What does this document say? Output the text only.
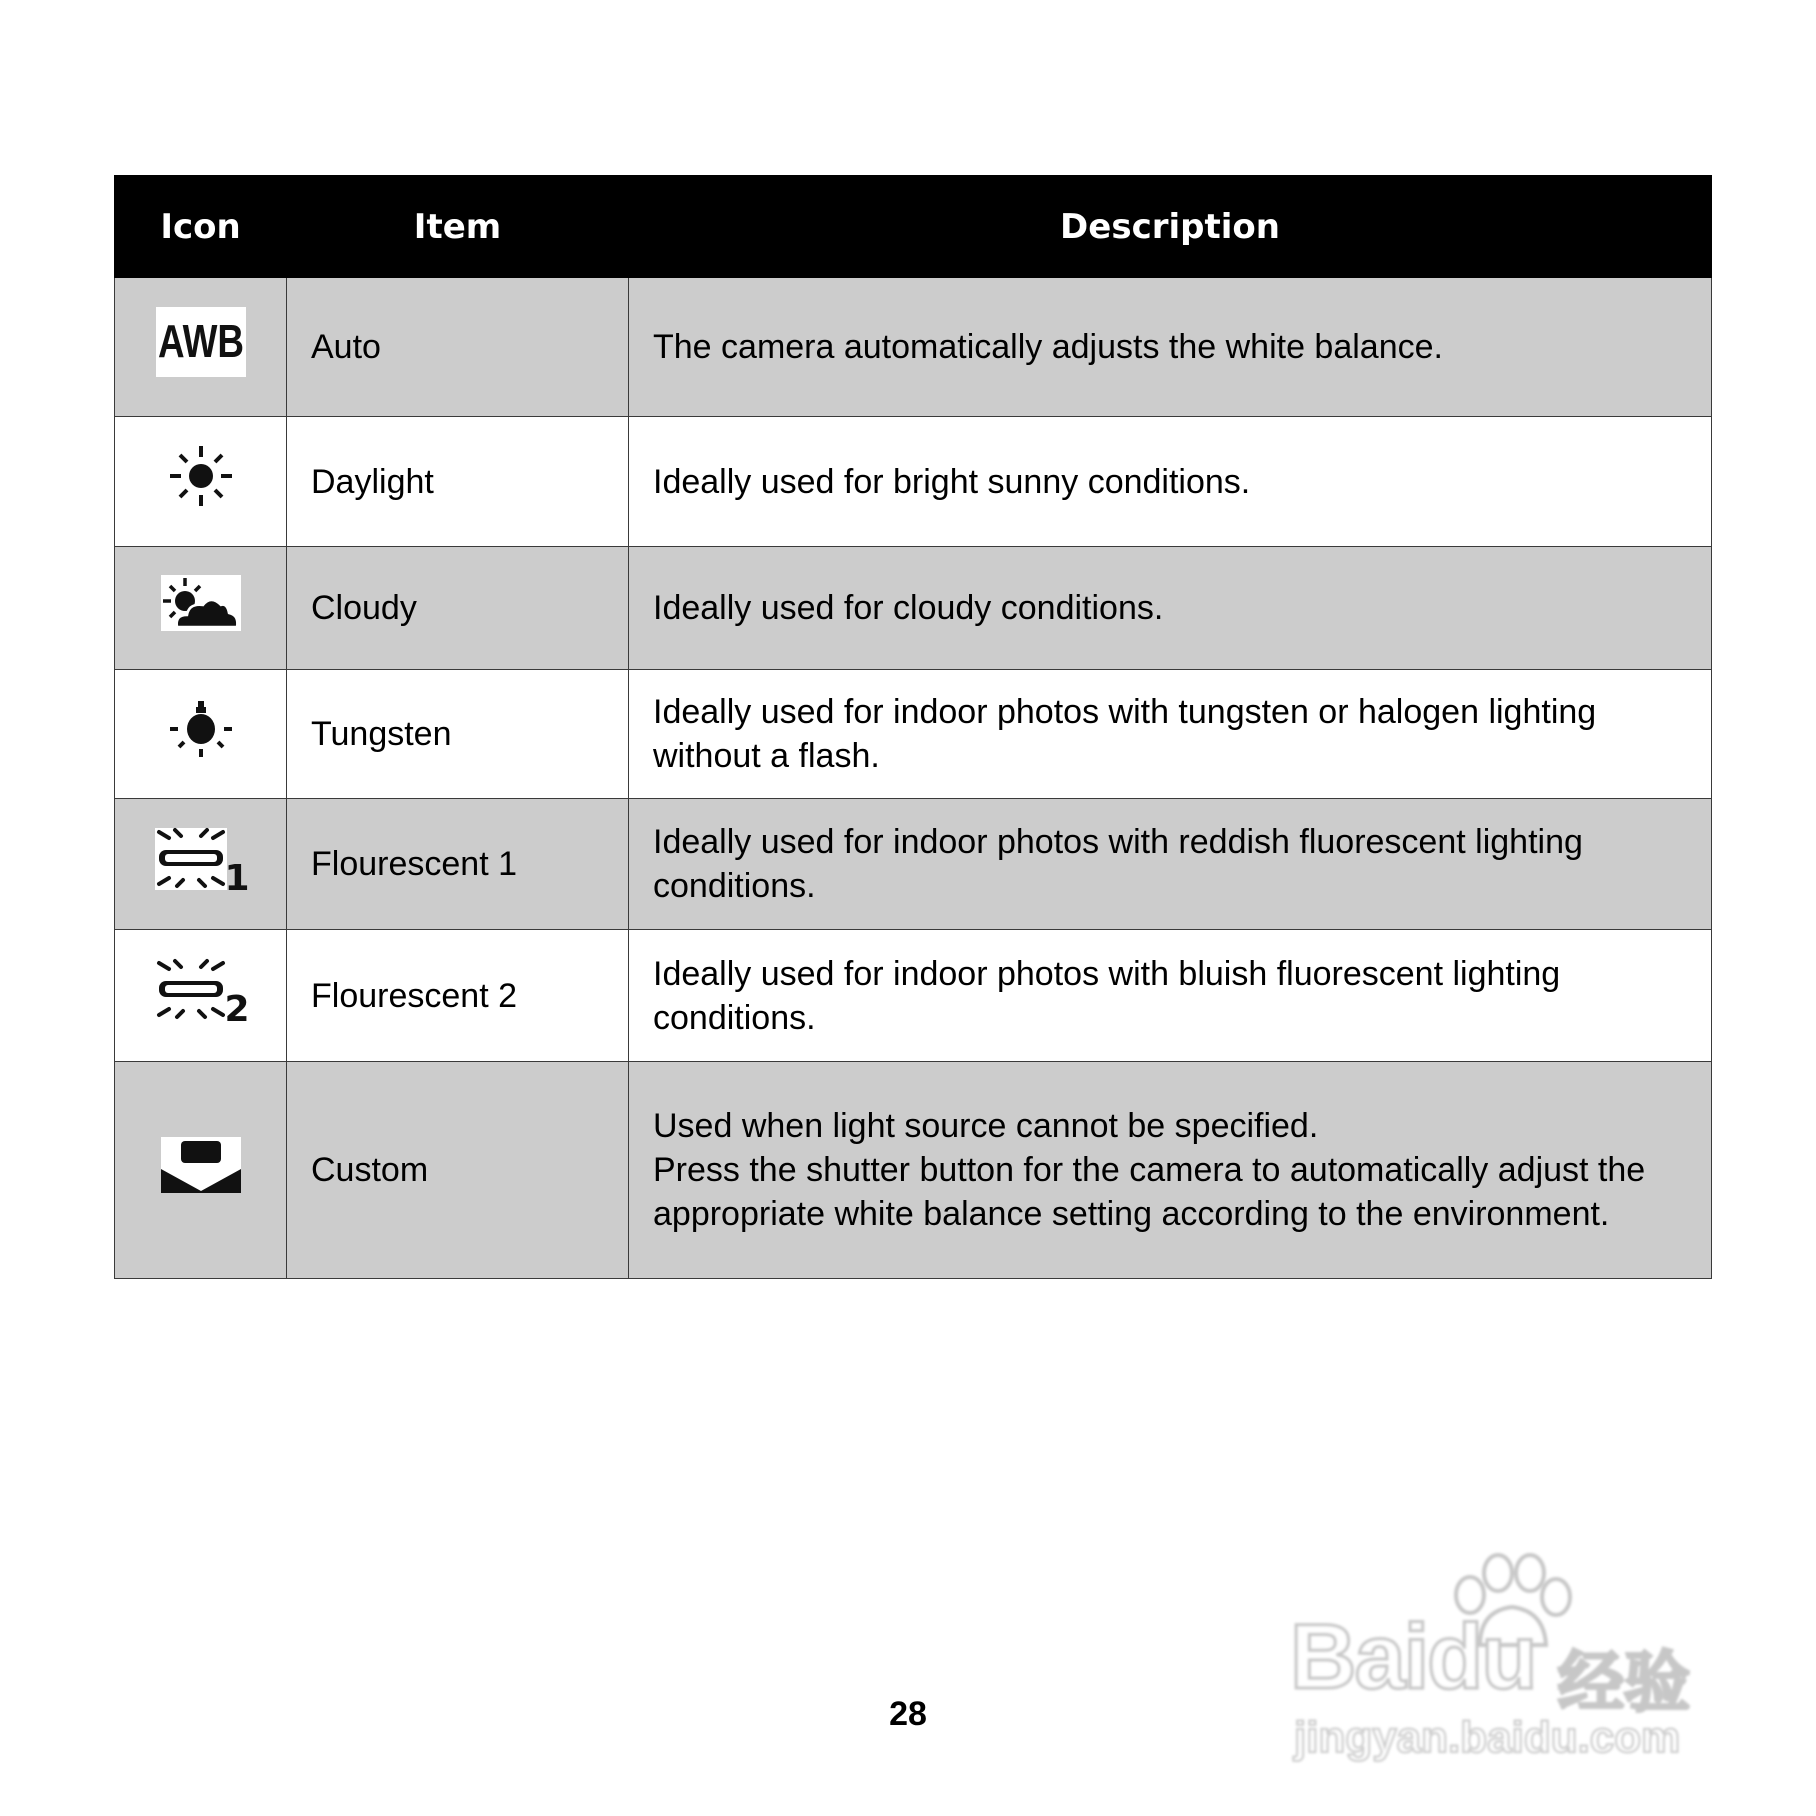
Icon	Item	Description

AWB	Auto	The camera automatically adjusts the white balance.

	Daylight	Ideally used for bright sunny conditions.

	Cloudy	Ideally used for cloudy conditions.

	Tungsten	Ideally used for indoor photos with tungsten or halogen lighting without a flash.

1	Flourescent 1	Ideally used for indoor photos with reddish fluorescent lighting conditions.

2	Flourescent 2	Ideally used for indoor photos with bluish fluorescent lighting conditions.

	Custom	Used when light source cannot be specified.
Press the shutter button for the camera to automatically adjust the appropriate white balance setting according to the environment.
28
Baidu 经验
jingyan.baidu.com
